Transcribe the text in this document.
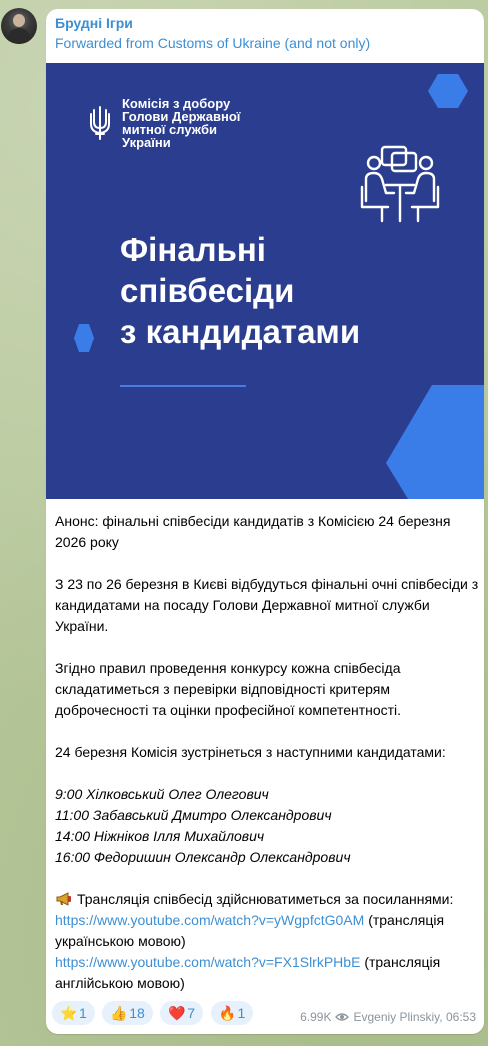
Брудні Ігри
Forwarded from Customs of Ukraine (and not only)
Комісія з добору
Голови Державної
митної служби
України
Фінальні
співбесіди
з кандидатами

Анонс: фінальні співбесіди кандидатів з Комісією 24 березня 2026 року

З 23 по 26 березня в Києві відбудуться фінальні очні співбесіди з кандидатами на посаду Голови Державної митної служби України.

Згідно правил проведення конкурсу кожна співбесіда складатиметься з перевірки відповідності критерям доброчесності та оцінки професійної компетентності.

24 березня Комісія зустрінеться з наступними кандидатами:

9:00 Хілковський Олег Олегович
11:00 Забавський Дмитро Олександрович
14:00 Ніжніков Ілля Михайлович
16:00 Федоришин Олександр Олександрович

Трансляція співбесід здійснюватиметься за посиланнями:
https://www.youtube.com/watch?v=yWgpfctG0AM (трансляція українською мовою)
https://www.youtube.com/watch?v=FX1SlrkPHbE (трансляція англійською мовою)
⭐ 1 👍 18 ❤️ 7 🔥 1	6.99K Evgeniy Plinskiy, 06:53
